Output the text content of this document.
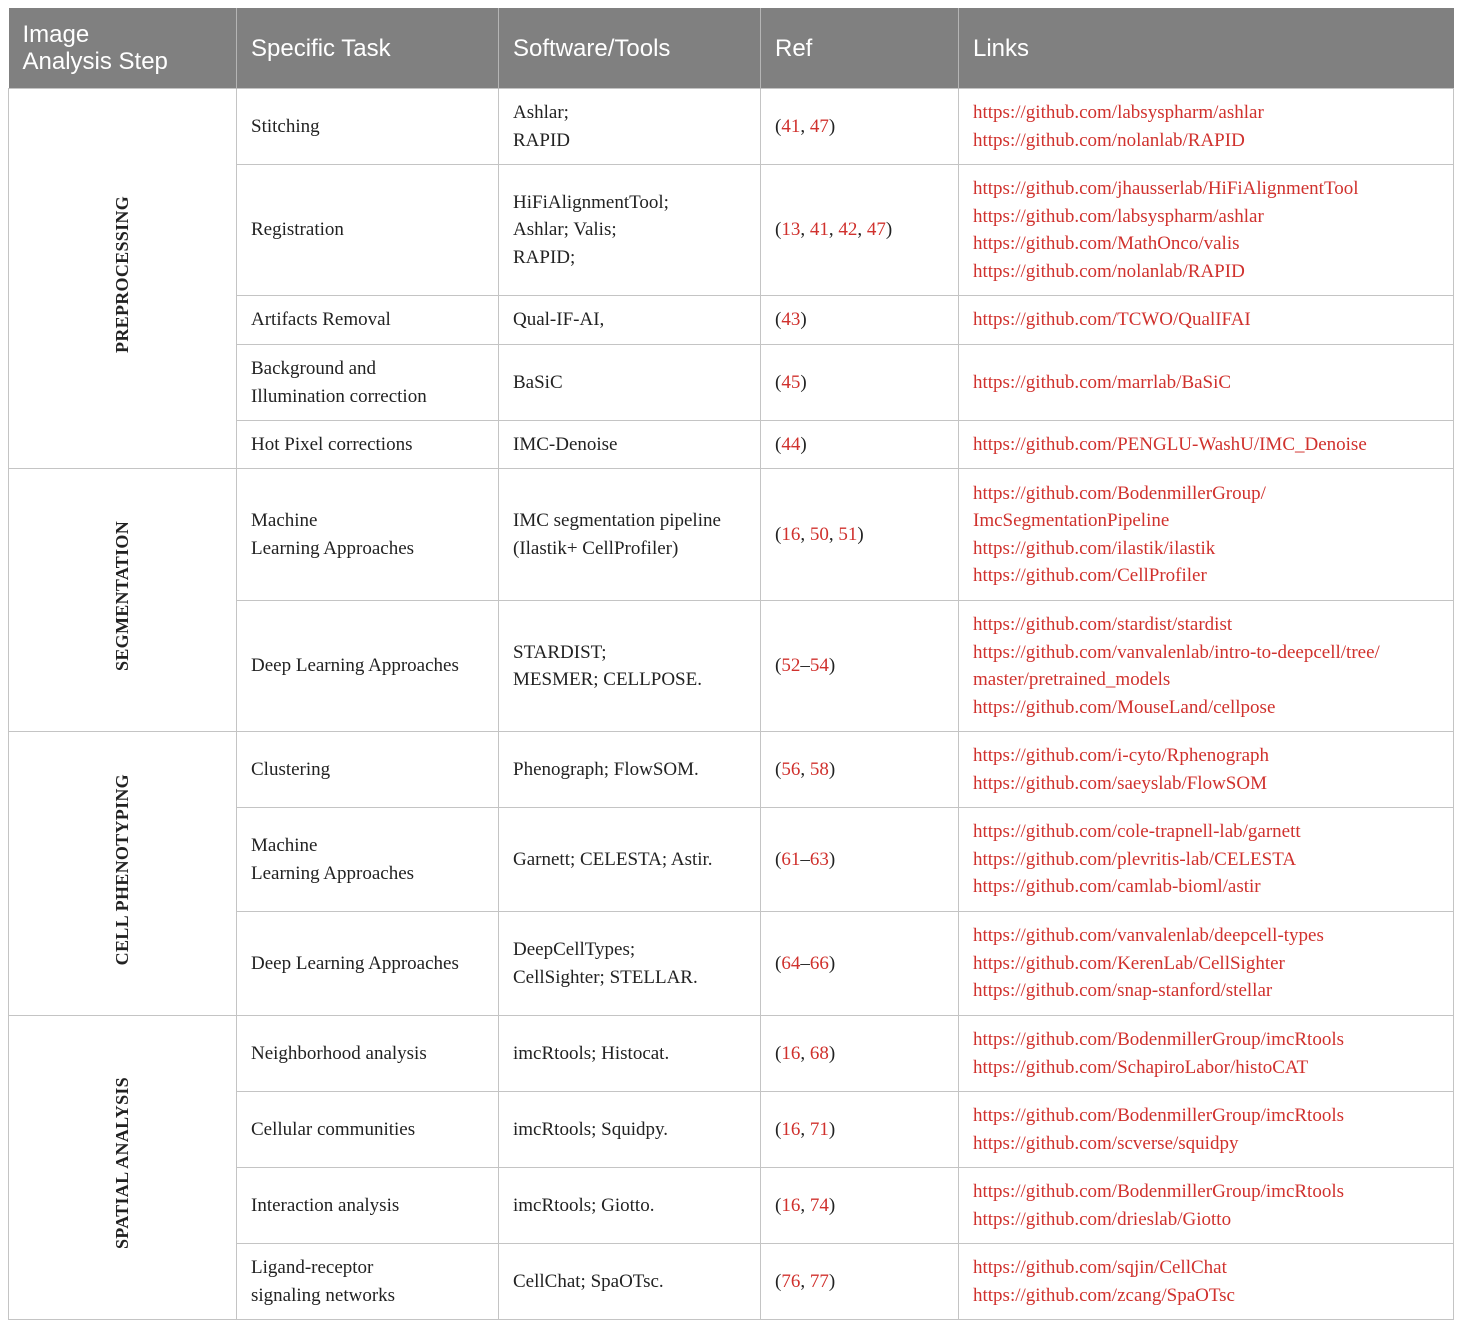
Image
Analysis Step	Specific Task	Software/Tools	Ref	Links

PREPROCESSING	Stitching	Ashlar;
RAPID	(41, 47)	https://github.com/labsyspharm/ashlar
https://github.com/nolanlab/RAPID

	Registration	HiFiAlignmentTool;
Ashlar; Valis;
RAPID;	(13, 41, 42, 47)	https://github.com/jhausserlab/HiFiAlignmentTool
https://github.com/labsyspharm/ashlar
https://github.com/MathOnco/valis
https://github.com/nolanlab/RAPID

	Artifacts Removal	Qual-IF-AI,	(43)	https://github.com/TCWO/QualIFAI

	Background and
Illumination correction	BaSiC	(45)	https://github.com/marrlab/BaSiC

	Hot Pixel corrections	IMC-Denoise	(44)	https://github.com/PENGLU-WashU/IMC_Denoise

SEGMENTATION	Machine
Learning Approaches	IMC segmentation pipeline
(Ilastik+ CellProfiler)	(16, 50, 51)	https://github.com/BodenmillerGroup/
ImcSegmentationPipeline
https://github.com/ilastik/ilastik
https://github.com/CellProfiler

	Deep Learning Approaches	STARDIST;
MESMER; CELLPOSE.	(52–54)	https://github.com/stardist/stardist
https://github.com/vanvalenlab/intro-to-deepcell/tree/
master/pretrained_models
https://github.com/MouseLand/cellpose

CELL PHENOTYPING	Clustering	Phenograph; FlowSOM.	(56, 58)	https://github.com/i-cyto/Rphenograph
https://github.com/saeyslab/FlowSOM

	Machine
Learning Approaches	Garnett; CELESTA; Astir.	(61–63)	https://github.com/cole-trapnell-lab/garnett
https://github.com/plevritis-lab/CELESTA
https://github.com/camlab-bioml/astir

	Deep Learning Approaches	DeepCellTypes;
CellSighter; STELLAR.	(64–66)	https://github.com/vanvalenlab/deepcell-types
https://github.com/KerenLab/CellSighter
https://github.com/snap-stanford/stellar

SPATIAL ANALYSIS	Neighborhood analysis	imcRtools; Histocat.	(16, 68)	https://github.com/BodenmillerGroup/imcRtools
https://github.com/SchapiroLabor/histoCAT

	Cellular communities	imcRtools; Squidpy.	(16, 71)	https://github.com/BodenmillerGroup/imcRtools
https://github.com/scverse/squidpy

	Interaction analysis	imcRtools; Giotto.	(16, 74)	https://github.com/BodenmillerGroup/imcRtools
https://github.com/drieslab/Giotto

	Ligand-receptor
signaling networks	CellChat; SpaOTsc.	(76, 77)	https://github.com/sqjin/CellChat
https://github.com/zcang/SpaOTsc
